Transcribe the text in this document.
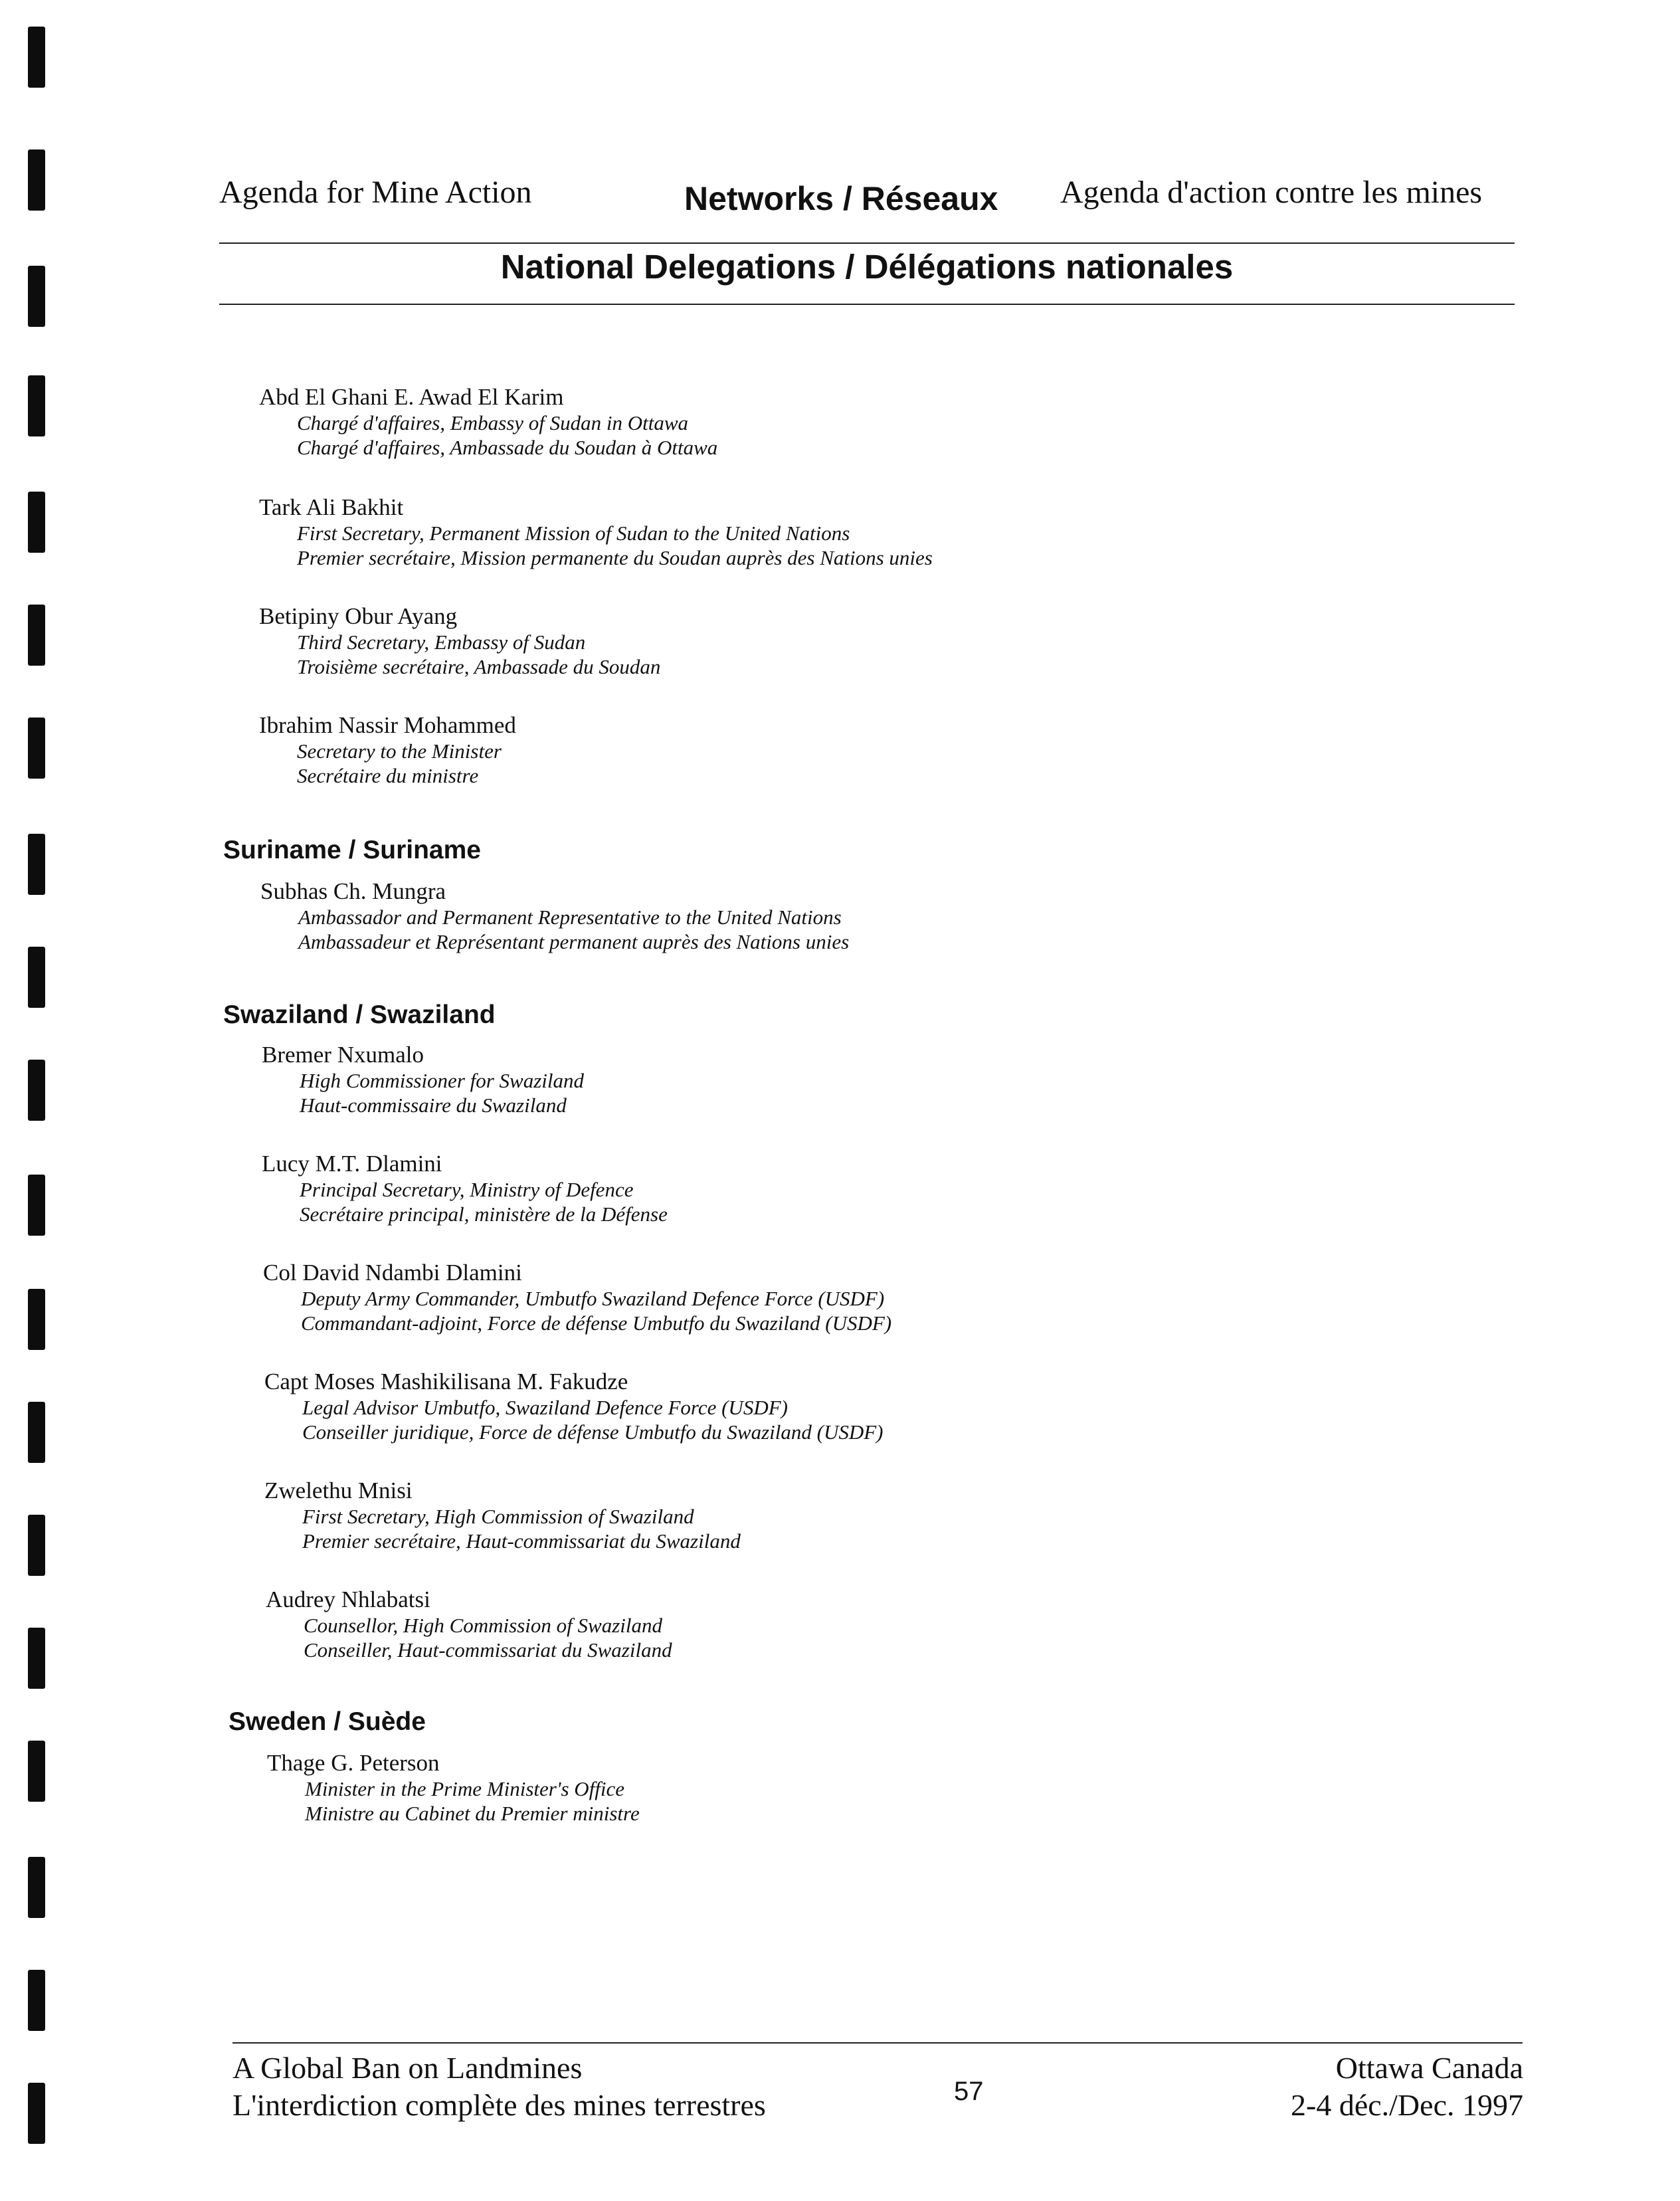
Agenda for Mine Action	Networks / Réseaux Agenda d'action contre les mines
National Delegations / Délégations nationales
Abd El Ghani E. Awad El Karim
Chargé d'affaires, Embassy of Sudan in Ottawa
Chargé d'affaires, Ambassade du Soudan à Ottawa
Tark Ali Bakhit
First Secretary, Permanent Mission of Sudan to the United Nations
Premier secrétaire, Mission permanente du Soudan auprès des Nations unies
Betipiny Obur Ayang
Third Secretary, Embassy of Sudan
Troisième secrétaire, Ambassade du Soudan
Ibrahim Nassir Mohammed
Secretary to the Minister
Secrétaire du ministre
Suriname / Suriname
Subhas Ch. Mungra
Ambassador and Permanent Representative to the United Nations
Ambassadeur et Représentant permanent auprès des Nations unies
Swaziland / Swaziland
Bremer Nxumalo
High Commissioner for Swaziland
Haut-commissaire du Swaziland
Lucy M.T. Dlamini
Principal Secretary, Ministry of Defence
Secrétaire principal, ministère de la Défense
Col David Ndambi Dlamini
Deputy Army Commander, Umbutfo Swaziland Defence Force (USDF)
Commandant-adjoint, Force de défense Umbutfo du Swaziland (USDF)
Capt Moses Mashikilisana M. Fakudze
Legal Advisor Umbutfo, Swaziland Defence Force (USDF)
Conseiller juridique, Force de défense Umbutfo du Swaziland (USDF)
Zwelethu Mnisi
First Secretary, High Commission of Swaziland
Premier secrétaire, Haut-commissariat du Swaziland
Audrey Nhlabatsi
Counsellor, High Commission of Swaziland
Conseiller, Haut-commissariat du Swaziland
Sweden / Suède
Thage G. Peterson
Minister in the Prime Minister's Office
Ministre au Cabinet du Premier ministre
A Global Ban on Landmines
L'interdiction complète des mines terrestres	57
Ottawa Canada
2-4 déc./Dec. 1997
